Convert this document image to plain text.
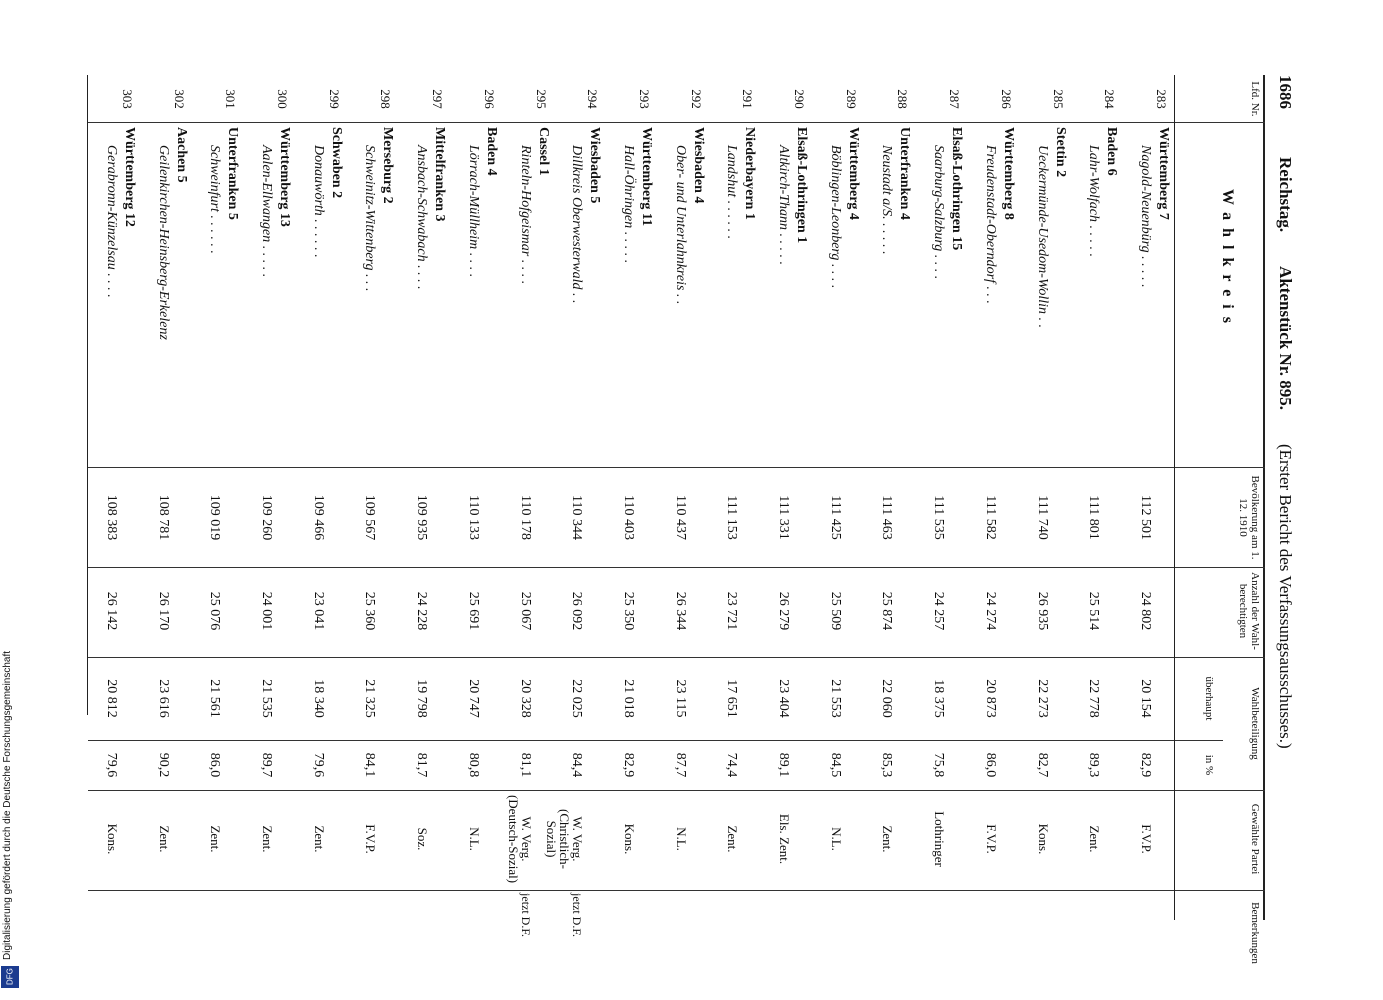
1686
Reichstag.
Aktenstück Nr. 895.
(Erster Bericht des Verfassungsausschusses.)
Lfd. Nr.
Wahlkreis
Bevölkerung am 1. 12. 1910
Anzahl der Wahl-berechtigten
Wahlbeteiligung
überhaupt
in %
Gewählte Partei
Bemerkungen
283
Württemberg 7
Nagold-Neuenbürg . . . . .
112 501
24 802
20 154
82,9
F.V.P.
284
Baden 6
Lahr-Wolfach . . . . .
111 801
25 514
22 778
89,3
Zent.
285
Stettin 2
Ueckermünde-Usedom-Wollin . .
111 740
26 935
22 273
82,7
Kons.
286
Württemberg 8
Freudenstadt-Oberndorf . . .
111 582
24 274
20 873
86,0
F.V.P.
287
Elsaß-Lothringen 15
Saarburg-Salzburg . . . .
111 535
24 257
18 375
75,8
Lothringer
288
Unterfranken 4
Neustadt a/S. . . . . .
111 463
25 874
22 060
85,3
Zent.
289
Württemberg 4
Böblingen-Leonberg . . . .
111 425
25 509
21 553
84,5
N.L.
290
Elsaß-Lothringen 1
Altkirch-Thann . . . . .
111 331
26 279
23 404
89,1
Els. Zent.
291
Niederbayern 1
Landshut . . . . . .
111 153
23 721
17 651
74,4
Zent.
292
Wiesbaden 4
Ober- und Unterlahnkreis . .
110 437
26 344
23 115
87,7
N.L.
293
Württemberg 11
Hall-Öhringen . . . . .
110 403
25 350
21 018
82,9
Kons.
294
Wiesbaden 5
Dillkreis Oberwesterwald . .
110 344
26 092
22 025
84,4
W. Verg. (Christlich-Sozial)
jetzt D.F.
295
Cassel 1
Rinteln-Hofgeismar . . . .
110 178
25 067
20 328
81,1
W. Verg. (Deutsch-Sozial)
jetzt D.F.
296
Baden 4
Lörrach-Müllheim . . . .
110 133
25 691
20 747
80,8
N.L.
297
Mittelfranken 3
Ansbach-Schwabach . . . .
109 935
24 228
19 798
81,7
Soz.
298
Merseburg 2
Schweinitz-Wittenberg . . .
109 567
25 360
21 325
84,1
F.V.P.
299
Schwaben 2
Donauwörth . . . . . .
109 466
23 041
18 340
79,6
Zent.
300
Württemberg 13
Aalen-Ellwangen . . . . .
109 260
24 001
21 535
89,7
Zent.
301
Unterfranken 5
Schweinfurt . . . . . .
109 019
25 076
21 561
86,0
Zent.
302
Aachen 5
Geilenkirchen-Heinsberg-Erkelenz
108 781
26 170
23 616
90,2
Zent.
303
Württemberg 12
Gerabronn-Künzelsau . . . .
108 383
26 142
20 812
79,6
Kons.
Digitalisierung gefördert durch die Deutsche Forschungsgemeinschaft
DFG
